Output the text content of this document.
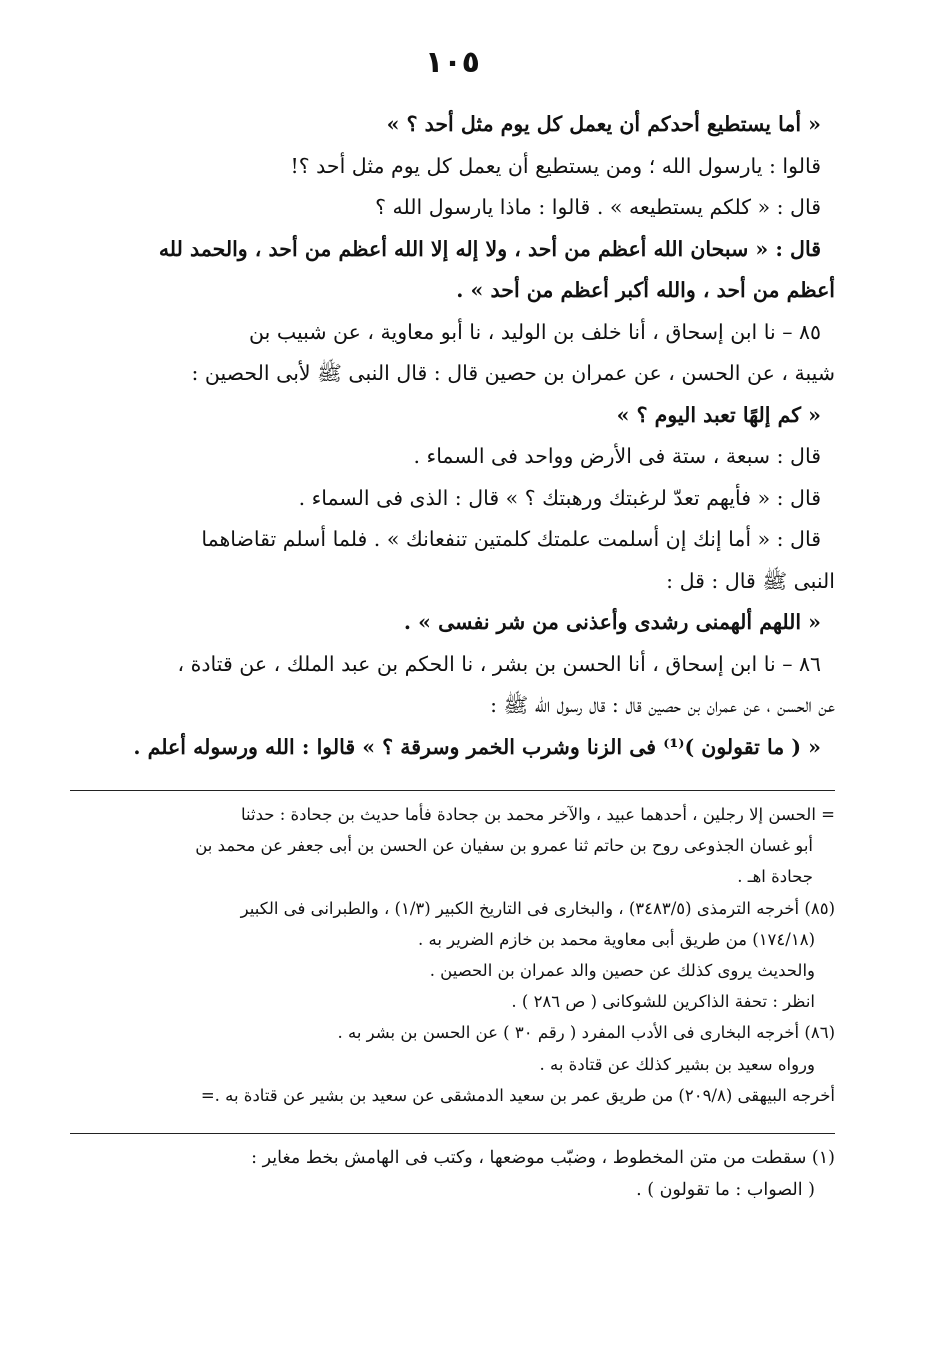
١٠٥
« أما يستطيع أحدكم أن يعمل كل يوم مثل أحد ؟ »
قالوا : يارسول الله ؛ ومن يستطيع أن يعمل كل يوم مثل أحد ؟!
قال : « كلكم يستطيعه » . قالوا : ماذا يارسول الله ؟
قال : « سبحان الله أعظم من أحد ، ولا إله إلا الله أعظم من أحد ، والحمد لله
أعظم من أحد ، والله أكبر أعظم من أحد » .
٨٥ – نا ابن إسحاق ، أنا خلف بن الوليد ، نا أبو معاوية ، عن شبيب بن
شيبة ، عن الحسن ، عن عمران بن حصين قال : قال النبى ﷺ لأبى الحصين :
« كم إلهًا تعبد اليوم ؟ »
قال : سبعة ، ستة فى الأرض وواحد فى السماء .
قال : « فأيهم تعدّ لرغبتك ورهبتك ؟ » قال : الذى فى السماء .
قال : « أما إنك إن أسلمت علمتك كلمتين تنفعانك » . فلما أسلم تقاضاهما
النبى ﷺ قال : قل :
« اللهم ألهمنى رشدى وأعذنى من شر نفسى » .
٨٦ – نا ابن إسحاق ، أنا الحسن بن بشر ، نا الحكم بن عبد الملك ، عن قتادة ،
عن الحسن ، عن عمران بن حصين قال : قال رسول الله ﷺ :
« ( ما تقولون )⁽¹⁾ فى الزنا وشرب الخمر وسرقة ؟ » قالوا : الله ورسوله أعلم .
= الحسن إلا رجلين ، أحدهما عبيد ، والآخر محمد بن جحادة فأما حديث بن جحادة : حدثنا
أبو غسان الجذوعى روح بن حاتم ثنا عمرو بن سفيان عن الحسن بن أبى جعفر عن محمد بن
جحادة اهـ .
(٨٥) أخرجه الترمذى (٣٤٨٣/٥) ، والبخارى فى التاريخ الكبير (١/٣) ، والطبرانى فى الكبير
(١٧٤/١٨) من طريق أبى معاوية محمد بن خازم الضرير به .
والحديث يروى كذلك عن حصين والد عمران بن الحصين .
انظر : تحفة الذاكرين للشوكانى ( ص ٢٨٦ ) .
(٨٦) أخرجه البخارى فى الأدب المفرد ( رقم ٣٠ ) عن الحسن بن بشر به .
ورواه سعيد بن بشير كذلك عن قتادة به .
أخرجه البيهقى (٢٠٩/٨) من طريق عمر بن سعيد الدمشقى عن سعيد بن بشير عن قتادة به .=
(١) سقطت من متن المخطوط ، وضبّب موضعها ، وكتب فى الهامش بخط مغاير :
( الصواب : ما تقولون ) .
